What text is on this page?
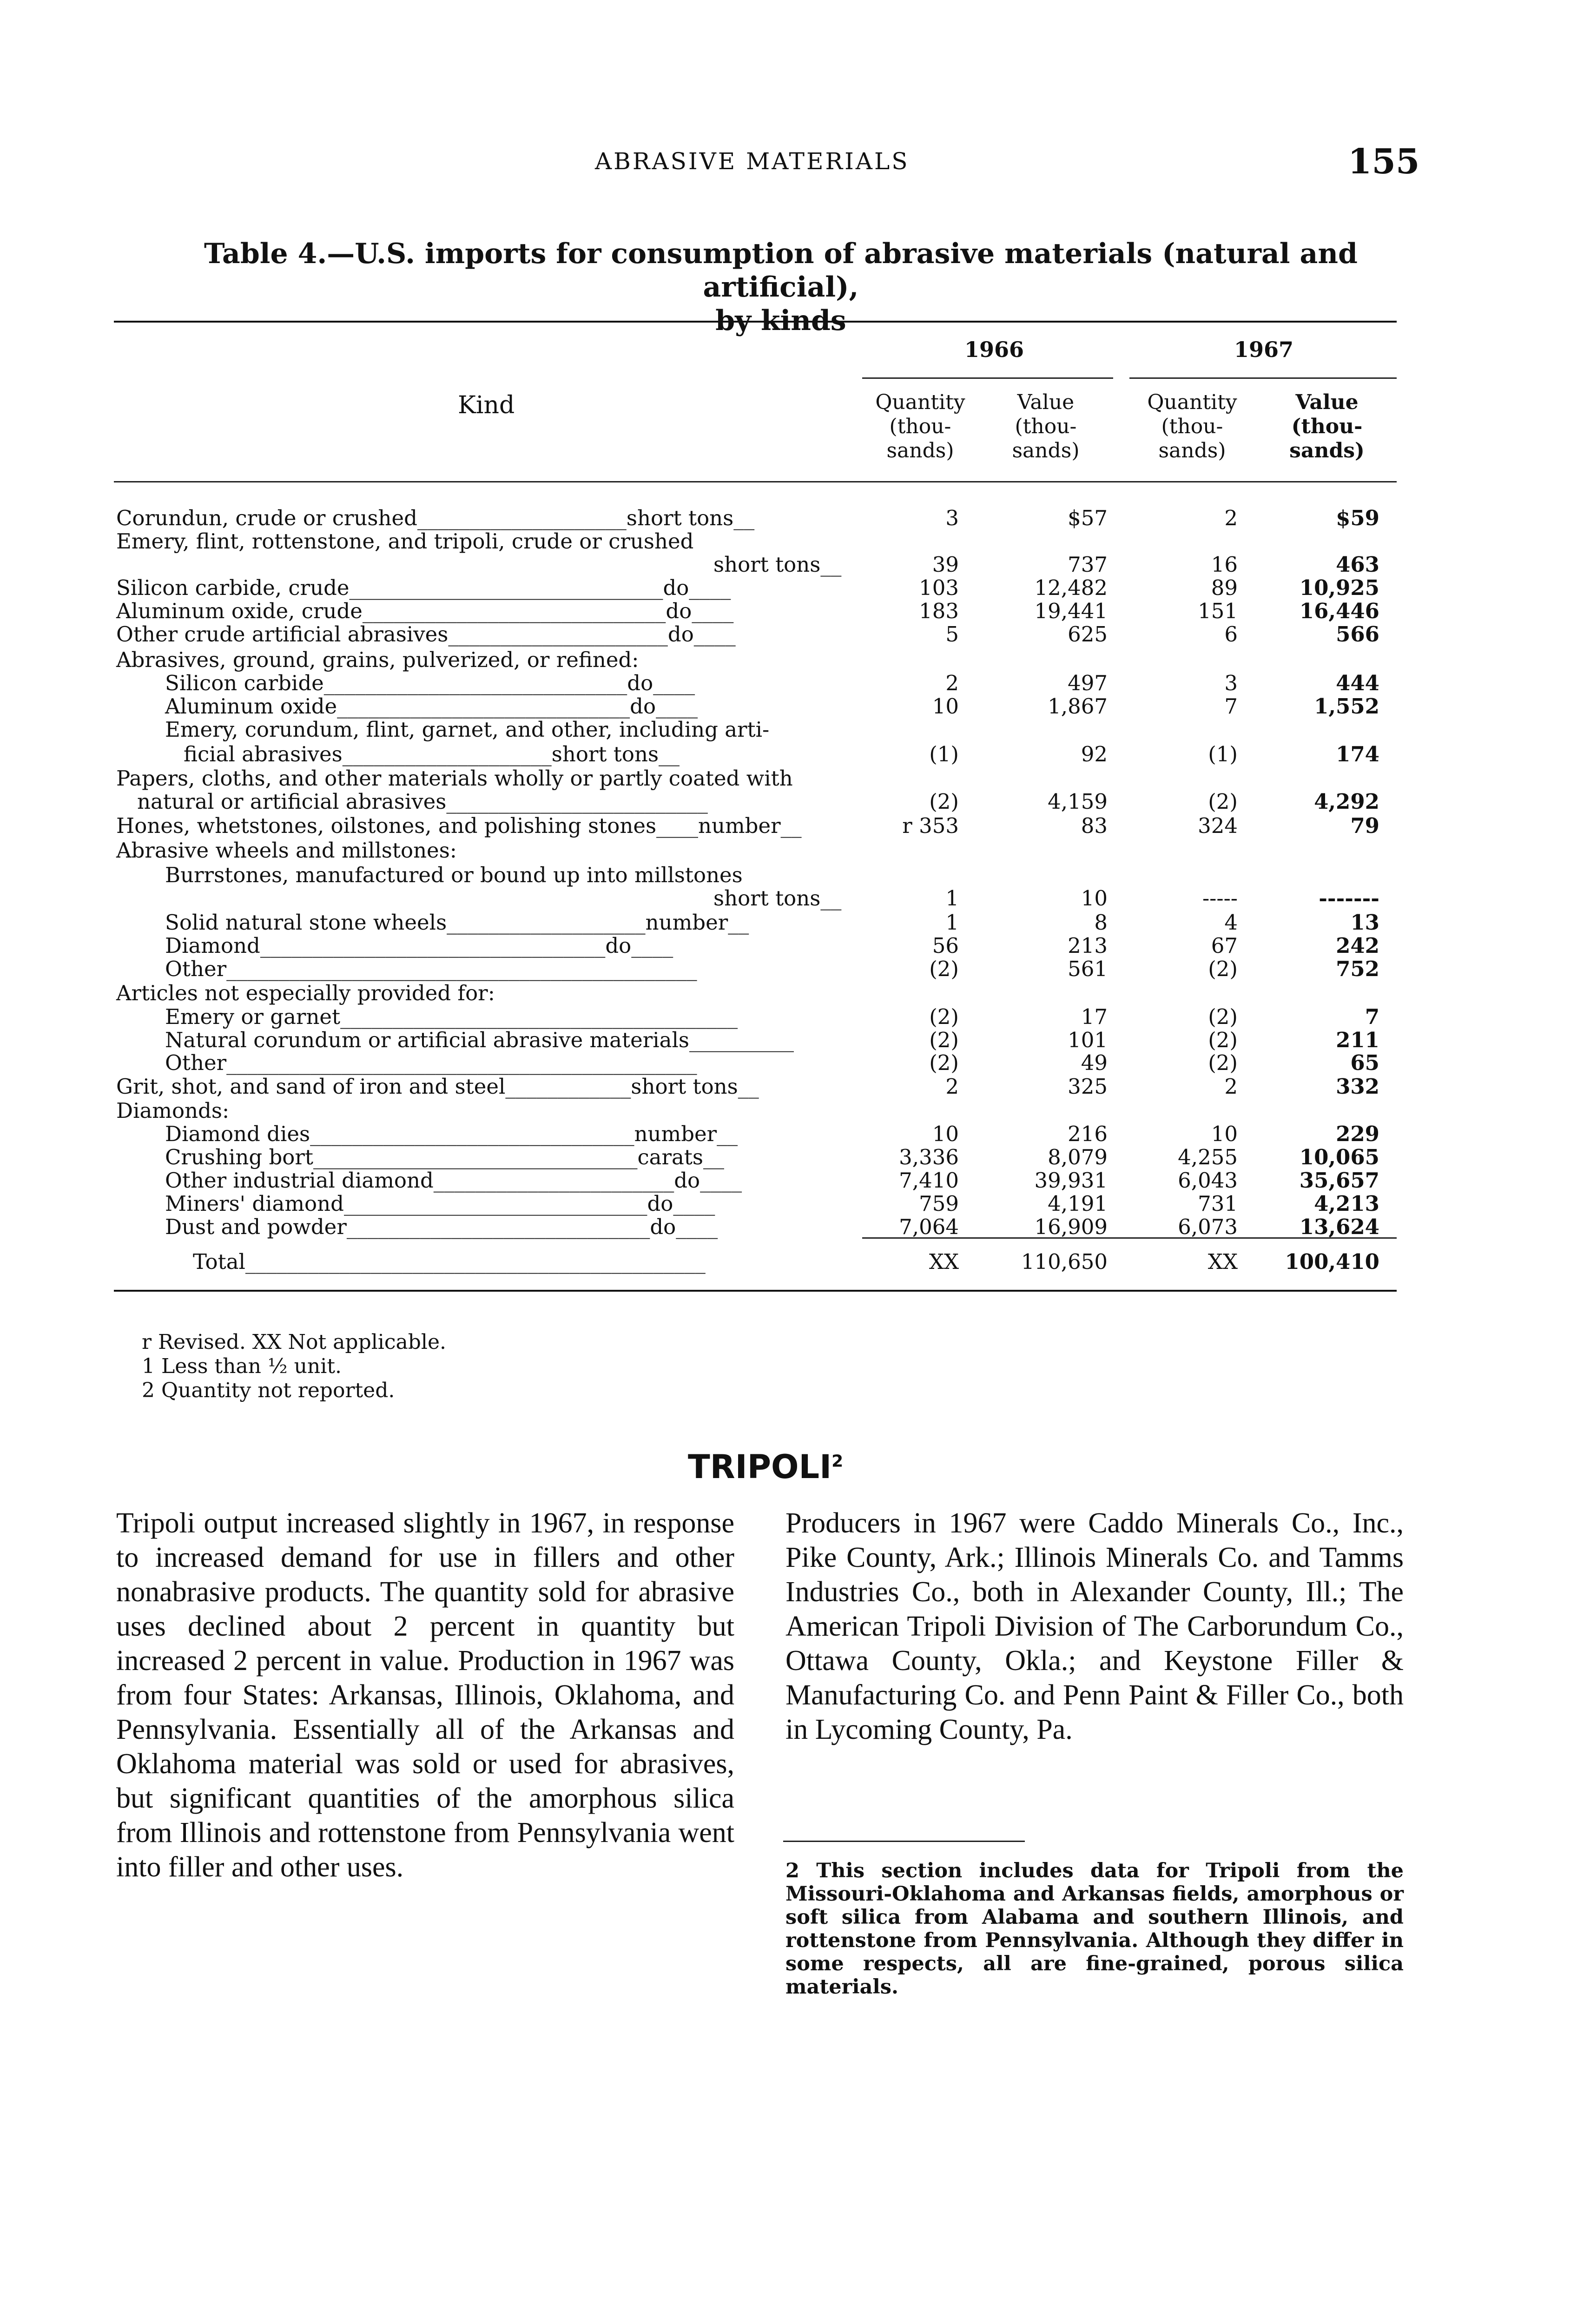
ABRASIVE MATERIALS	155
Table 4.—U.S. imports for consumption of abrasive materials (natural and artificial),
by kinds
1966	1967
Kind	Quantity (thou- sands)
Value (thou- sands)
Quantity (thou- sands)
Value (thou- sands)
Corundun, crude or crushed____________________short tons__	3	$57	2	$59
Emery, flint, rottenstone, and tripoli, crude or crushed
short tons__	39	737	16	463
Silicon carbide, crude______________________________do____	103	12,482	89	10,925
Aluminum oxide, crude_____________________________do____	183	19,441	151	16,446
Other crude artificial abrasives_____________________do____	5	625	6	566
Abrasives, ground, grains, pulverized, or refined:
Silicon carbide_____________________________do____	2	497	3	444
Aluminum oxide____________________________do____	10	1,867	7	1,552
Emery, corundum, flint, garnet, and other, including arti-
ficial abrasives____________________short tons__	(1)	92	(1)	174
Papers, cloths, and other materials wholly or partly coated with
natural or artificial abrasives_________________________	(2)	4,159	(2)	4,292
Hones, whetstones, oilstones, and polishing stones____number__	r 353	83	324	79
Abrasive wheels and millstones:
Burrstones, manufactured or bound up into millstones
short tons__	1	10	-----	-------
Solid natural stone wheels___________________number__	1	8	4	13
Diamond_________________________________do____	56	213	67	242
Other_____________________________________________	(2)	561	(2)	752
Articles not especially provided for:
Emery or garnet______________________________________	(2)	17	(2)	7
Natural corundum or artificial abrasive materials__________	(2)	101	(2)	211
Other_____________________________________________	(2)	49	(2)	65
Grit, shot, and sand of iron and steel____________short tons__	2	325	2	332
Diamonds:
Diamond dies_______________________________number__	10	216	10	229
Crushing bort_______________________________carats__	3,336	8,079	4,255	10,065
Other industrial diamond_______________________do____	7,410	39,931	6,043	35,657
Miners' diamond_____________________________do____	759	4,191	731	4,213
Dust and powder_____________________________do____	7,064	16,909	6,073	13,624
Total____________________________________________	XX	110,650	XX 100,410
r Revised. XX Not applicable.
1 Less than ½ unit.
2 Quantity not reported.
TRIPOLI$^2$
Tripoli output increased slightly in 1967, in response to increased demand for use in fillers and other nonabrasive products. The quantity sold for abrasive uses declined about 2 percent in quantity but increased 2 percent in value. Production in 1967 was from four States: Arkansas, Illinois, Oklahoma, and Pennsylvania. Essentially all of the Arkansas and Oklahoma material was sold or used for abrasives, but significant quantities of the amorphous silica from Illinois and rottenstone from Pennsylvania went into filler and other uses.
Producers in 1967 were Caddo Minerals Co., Inc., Pike County, Ark.; Illinois Minerals Co. and Tamms Industries Co., both in Alexander County, Ill.; The American Tripoli Division of The Carborundum Co., Ottawa County, Okla.; and Keystone Filler & Manufacturing Co. and Penn Paint & Filler Co., both in Lycoming County, Pa.
2 This section includes data for Tripoli from the Missouri-Oklahoma and Arkansas fields, amorphous or soft silica from Alabama and southern Illinois, and rottenstone from Pennsylvania. Although they differ in some respects, all are fine-grained, porous silica materials.
